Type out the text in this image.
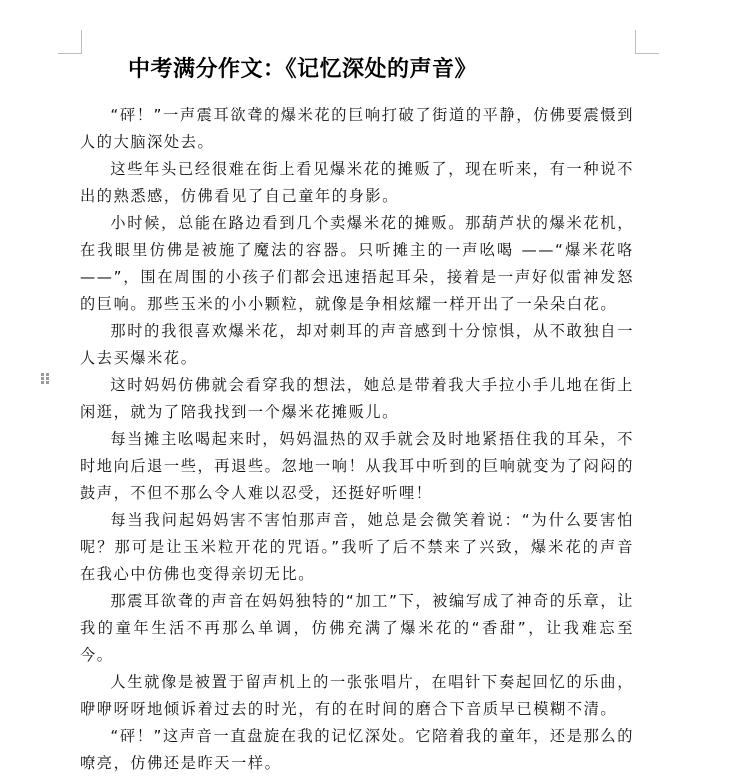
中考满分作文：《记忆深处的声音》

“砰！”一声震耳欲聋的爆米花的巨响打破了街道的平静，仿佛要震慑到人的大脑深处去。

这些年头已经很难在街上看见爆米花的摊贩了，现在听来，有一种说不出的熟悉感，仿佛看见了自己童年的身影。

小时候，总能在路边看到几个卖爆米花的摊贩。那葫芦状的爆米花机，在我眼里仿佛是被施了魔法的容器。只听摊主的一声吆喝 ——“爆米花咯 ——”，围在周围的小孩子们都会迅速捂起耳朵，接着是一声好似雷神发怒的巨响。那些玉米的小小颗粒，就像是争相炫耀一样开出了一朵朵白花。

那时的我很喜欢爆米花，却对刺耳的声音感到十分惊惧，从不敢独自一人去买爆米花。

这时妈妈仿佛就会看穿我的想法，她总是带着我大手拉小手儿地在街上闲逛，就为了陪我找到一个爆米花摊贩儿。

每当摊主吆喝起来时，妈妈温热的双手就会及时地紧捂住我的耳朵，不时地向后退一些，再退些。忽地一响！从我耳中听到的巨响就变为了闷闷的鼓声，不但不那么令人难以忍受，还挺好听哩！

每当我问起妈妈害不害怕那声音，她总是会微笑着说：“为什么要害怕呢？那可是让玉米粒开花的咒语。”我听了后不禁来了兴致，爆米花的声音在我心中仿佛也变得亲切无比。

那震耳欲聋的声音在妈妈独特的“加工”下，被编写成了神奇的乐章，让我的童年生活不再那么单调，仿佛充满了爆米花的“香甜”，让我难忘至今。

人生就像是被置于留声机上的一张张唱片，在唱针下奏起回忆的乐曲，咿咿呀呀地倾诉着过去的时光，有的在时间的磨合下音质早已模糊不清。

“砰！”这声音一直盘旋在我的记忆深处。它陪着我的童年，还是那么的嘹亮，仿佛还是昨天一样。
